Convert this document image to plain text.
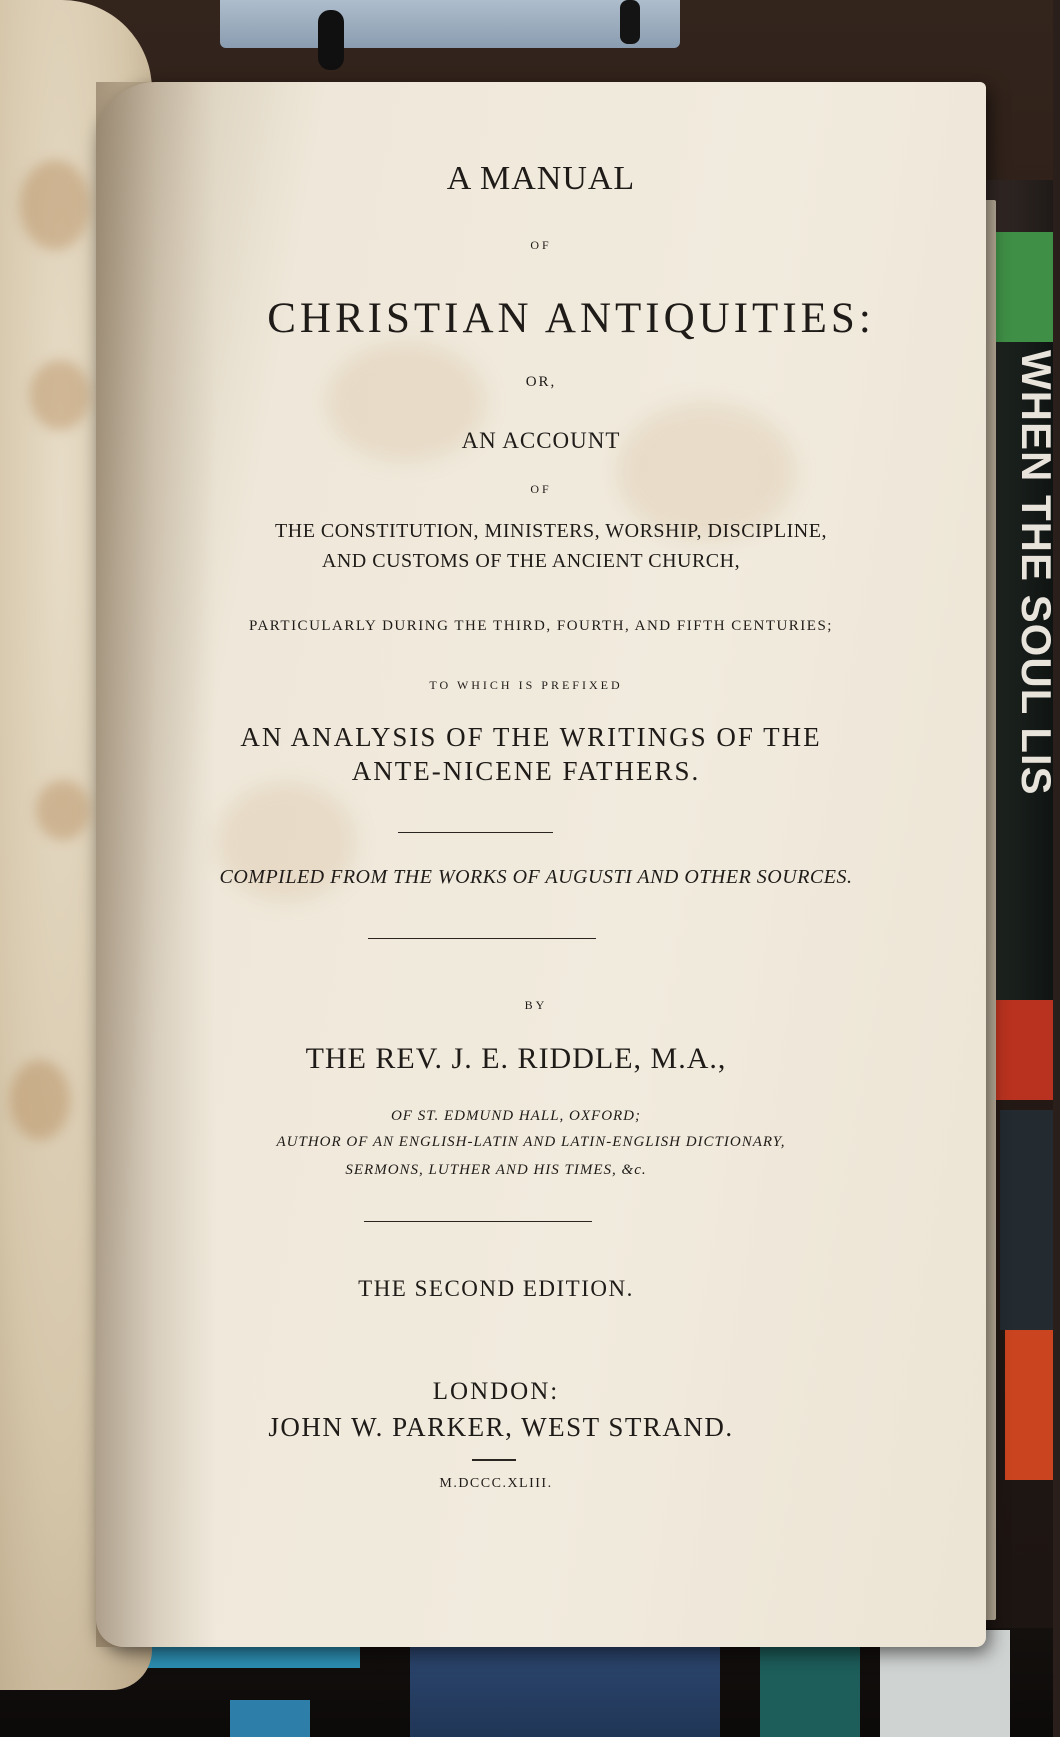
WHEN THE SOUL LIS
A MANUAL
OF
CHRISTIAN ANTIQUITIES:
OR,
AN ACCOUNT
OF
THE CONSTITUTION, MINISTERS, WORSHIP, DISCIPLINE,
AND CUSTOMS OF THE ANCIENT CHURCH,
PARTICULARLY DURING THE THIRD, FOURTH, AND FIFTH CENTURIES;
TO WHICH IS PREFIXED
AN ANALYSIS OF THE WRITINGS OF THE
ANTE-NICENE FATHERS.
COMPILED FROM THE WORKS OF AUGUSTI AND OTHER SOURCES.
BY
THE REV. J. E. RIDDLE, M.A.,
OF ST. EDMUND HALL, OXFORD;
AUTHOR OF AN ENGLISH-LATIN AND LATIN-ENGLISH DICTIONARY,
SERMONS, LUTHER AND HIS TIMES, &c.
THE SECOND EDITION.
LONDON:
JOHN W. PARKER, WEST STRAND.
M.DCCC.XLIII.
